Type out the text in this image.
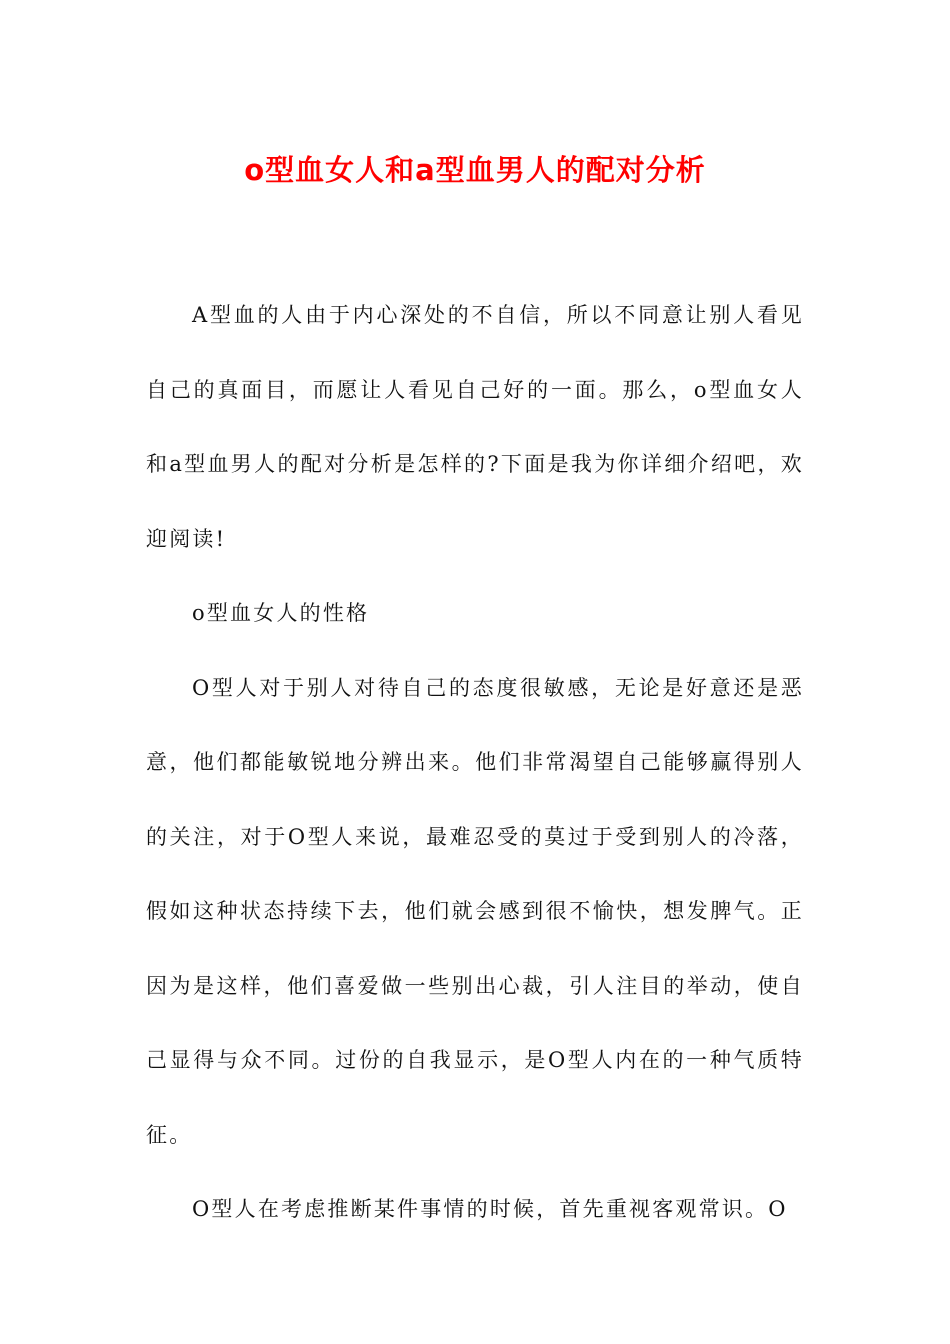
o型血女人和a型血男人的配对分析

A型血的人由于内心深处的不自信，所以不同意让别人看见自己的真面目，而愿让人看见自己好的一面。那么，o型血女人和a型血男人的配对分析是怎样的?下面是我为你详细介绍吧，欢迎阅读!

o型血女人的性格

O型人对于别人对待自己的态度很敏感，无论是好意还是恶意，他们都能敏锐地分辨出来。他们非常渴望自己能够赢得别人的关注，对于O型人来说，最难忍受的莫过于受到别人的冷落，假如这种状态持续下去，他们就会感到很不愉快，想发脾气。正因为是这样，他们喜爱做一些别出心裁，引人注目的举动，使自己显得与众不同。过份的自我显示，是O型人内在的一种气质特征。

O型人在考虑推断某件事情的时候，首先重视客观常识。O
